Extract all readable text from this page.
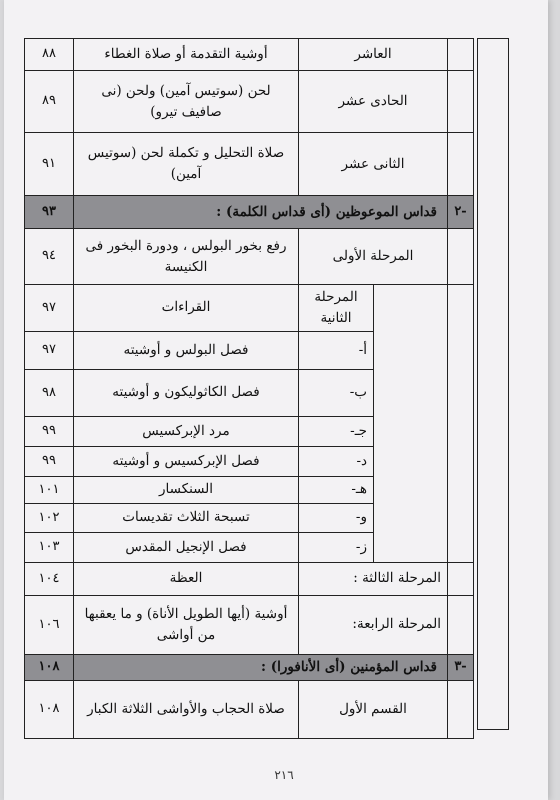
	العاشر		أوشية التقدمة أو صلاة الغطاء	٨٨
	الحادى عشر		لحن (سوتيس آمين) ولحن (نى صافيف تيرو)	٨٩
	الثانى عشر		صلاة التحليل و تكملة لحن (سوتيس آمين)	٩١
-٢	قداس الموعوظين (أى قداس الكلمة) :			٩٣
	المرحلة الأولى		رفع بخور البولس ، ودورة البخور فى الكنيسة	٩٤
		المرحلة الثانية	القراءات	٩٧
		أ-	فصل البولس و أوشيته	٩٧
		ب-	فصل الكاثوليكون و أوشيته	٩٨
		جـ-	مرد الإبركسيس	٩٩
		د-	فصل الإبركسيس و أوشيته	٩٩
		هـ-	السنكسار	١٠١
		و-	تسبحة الثلاث تقديسات	١٠٢
		ز-	فصل الإنجيل المقدس	١٠٣
	المرحلة الثالثة :		العظة	١٠٤
	المرحلة الرابعة:		أوشية (أيها الطويل الأناة) و ما يعقبها من أواشى	١٠٦
-٣	قداس المؤمنين (أى الأنافورا) :			١٠٨
	القسم الأول		صلاة الحجاب والأواشى الثلاثة الكبار	١٠٨
٢١٦
